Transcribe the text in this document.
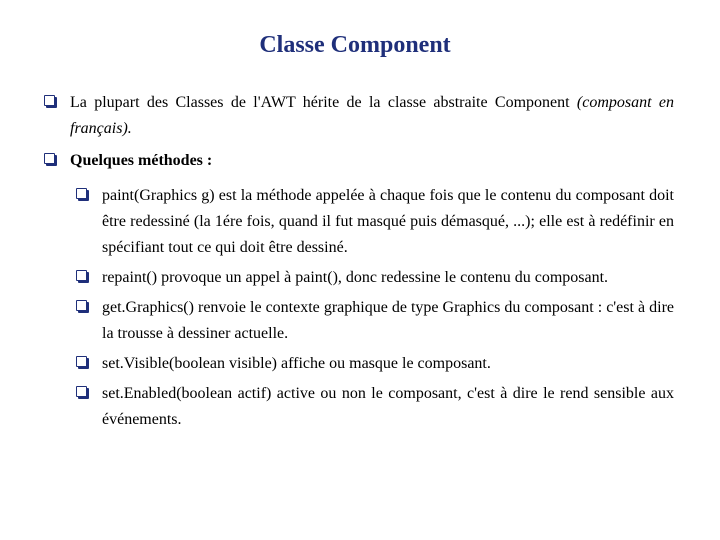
Classe Component
La plupart des Classes de l'AWT hérite de la classe abstraite Component (composant en français).
Quelques méthodes :
paint(Graphics g) est la méthode appelée à chaque fois que le contenu du composant doit être redessiné (la 1ére fois, quand il fut masqué puis démasqué, ...); elle est à redéfinir en spécifiant tout ce qui doit être dessiné.
repaint() provoque un appel à paint(), donc redessine le contenu du composant.
get.Graphics() renvoie le contexte graphique de type Graphics du composant : c'est à dire la trousse à dessiner actuelle.
set.Visible(boolean visible) affiche ou masque le composant.
set.Enabled(boolean actif) active ou non le composant, c'est à dire le rend sensible aux événements.
